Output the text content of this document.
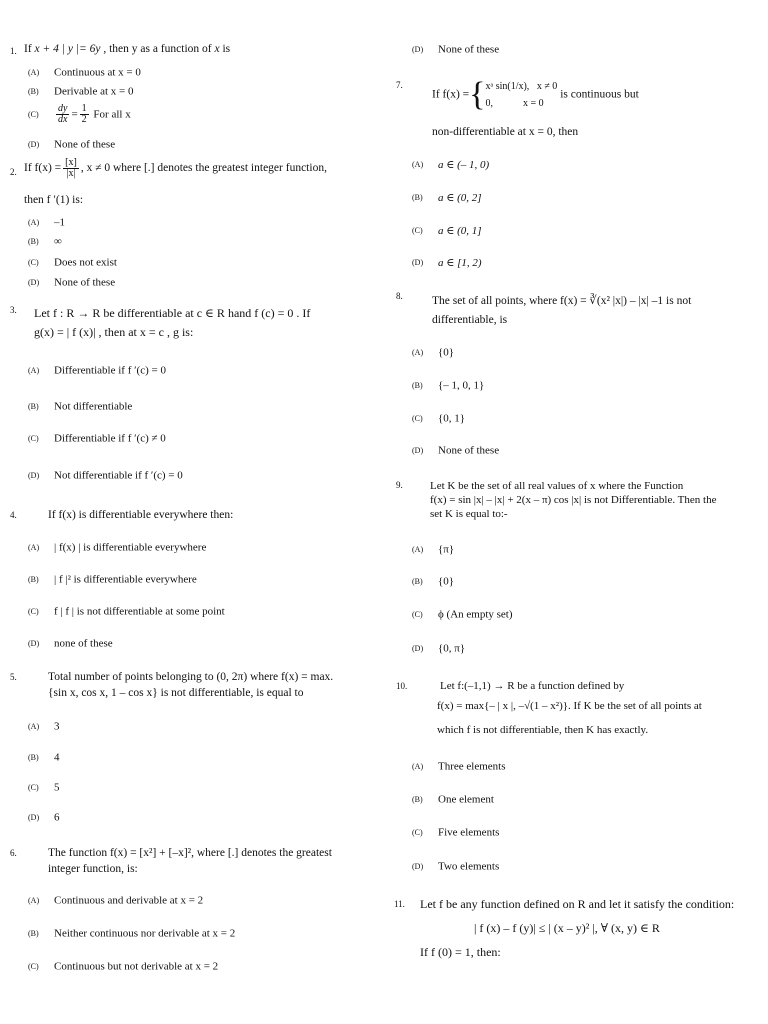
1. If x + 4 | y |= 6y , then y as a function of x is
(A) Continuous at x = 0
(B) Derivable at x = 0
$(C) \frac{dy}{dx} = \frac{1}{2}$ For all x
(D) None of these
2. If $f(x) = \frac{[x]}{|x|}$ , x ≠ 0 where [.] denotes the greatest integer function,
then f ′(1) is:
(A) –1
(B) ∞
(C) Does not exist
(D) None of these
3. Let f : R → R be differentiable at c ∈ R hand f (c) = 0 . If
g(x) = | f (x)| , then at x = c , g is:
(A) Differentiable if f ′(c) = 0
(B) Not differentiable
(C) Differentiable if f ′(c) ≠ 0
(D) Not differentiable if f ′(c) = 0
4.	If f(x) is differentiable everywhere then:
(A) | f(x) | is differentiable everywhere
(B) | f |² is differentiable everywhere
(C) f | f | is not differentiable at some point
(D) none of these
5.	Total number of points belonging to (0, 2π) where f(x) = max.
{sin x, cos x, 1 – cos x} is not differentiable, is equal to
(A) 3
(B) 4
(C) 5
(D) 6
6.	The function f(x) = [x²] + [–x]², where [.] denotes the greatest
integer function, is:
(A) Continuous and derivable at x = 2
(B) Neither continuous nor derivable at x = 2
(C) Continuous but not derivable at x = 2
(D) None of these
7.
If f(x) ={xᵃ sin(1/x), x ≠ 0
0,	x = 0 is continuous but
non-differentiable at x = 0, then
(A) a ∈ (– 1, 0)
(B) a ∈ (0, 2]
(C) a ∈ (0, 1]
(D) a ∈ [1, 2)
8.	The set of all points, where f(x) = ∛(x² |x|) – |x| –1 is not
differentiable, is
(A) {0}
(B) {– 1, 0, 1}
(C) {0, 1}
(D) None of these
9. Let K be the set of all real values of x where the Function
f(x) = sin |x| – |x| + 2(x – π) cos |x| is not Differentiable. Then the
set K is equal to:-
(A) {π}
(B) {0}
(C) ϕ (An empty set)
(D) {0, π}
10.	Let f:(–1,1) → R be a function defined by
f(x) = max{– | x |, –√(1 – x²)}. If K be the set of all points at
which f is not differentiable, then K has exactly.
(A) Three elements
(B) One element
(C) Five elements
(D) Two elements
11. Let f be any function defined on R and let it satisfy the condition:
| f (x) – f (y)| ≤ | (x – y)² |, ∀ (x, y) ∈ R
If f (0) = 1, then:
